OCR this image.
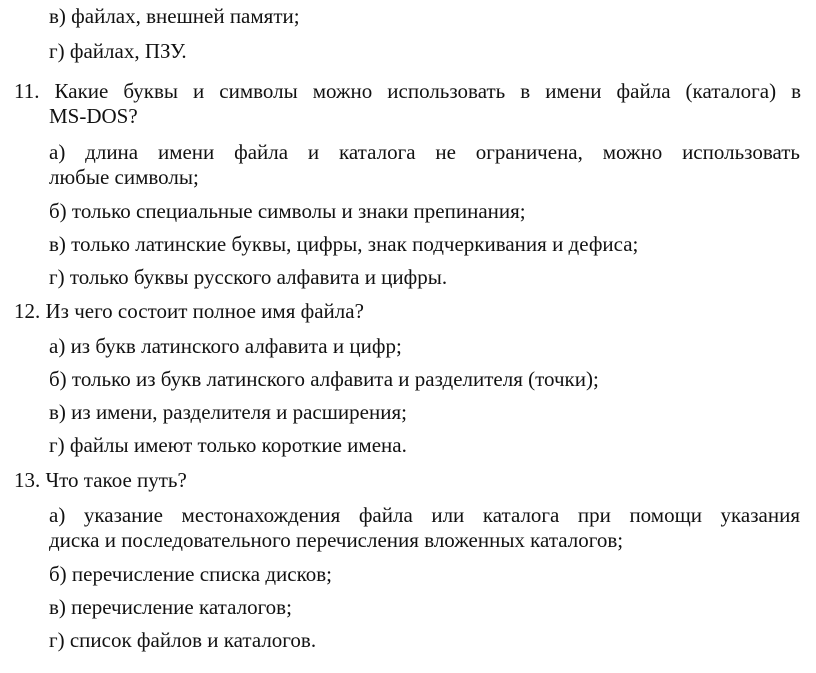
в) файлах, внешней памяти;
г) файлах, ПЗУ.
11. Какие буквы и символы можно использовать в имени файла (каталога) в
MS-DOS?
а) длина имени файла и каталога не ограничена, можно использовать
любые символы;
б) только специальные символы и знаки препинания;
в) только латинские буквы, цифры, знак подчеркивания и дефиса;
г) только буквы русского алфавита и цифры.
12. Из чего состоит полное имя файла?
а) из букв латинского алфавита и цифр;
б) только из букв латинского алфавита и разделителя (точки);
в) из имени, разделителя и расширения;
г) файлы имеют только короткие имена.
13. Что такое путь?
а) указание местонахождения файла или каталога при помощи указания
диска и последовательного перечисления вложенных каталогов;
б) перечисление списка дисков;
в) перечисление каталогов;
г) список файлов и каталогов.
